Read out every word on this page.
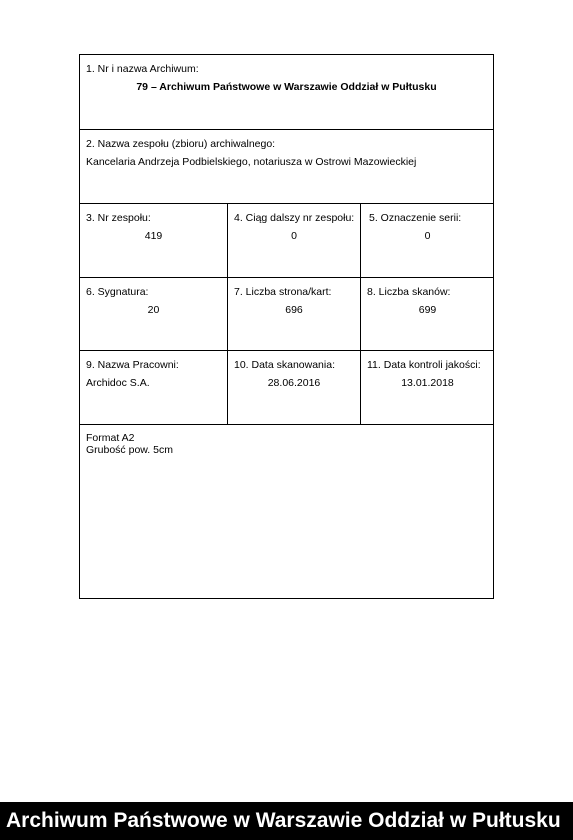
1. Nr i nazwa Archiwum:
79 – Archiwum Państwowe w Warszawie Oddział w Pułtusku
2. Nazwa zespołu (zbioru) archiwalnego:
Kancelaria Andrzeja Podbielskiego, notariusza w Ostrowi Mazowieckiej
3. Nr zespołu:
419
4. Ciąg dalszy nr zespołu:
0
5. Oznaczenie serii:
0
6. Sygnatura:
20
7. Liczba strona/kart:
696
8. Liczba skanów:
699
9. Nazwa Pracowni:
Archidoc S.A.
10. Data skanowania:
28.06.2016
11. Data kontroli jakości:
13.01.2018
Format A2
Grubość pow. 5cm
Archiwum Państwowe w Warszawie Oddział w Pułtusku
